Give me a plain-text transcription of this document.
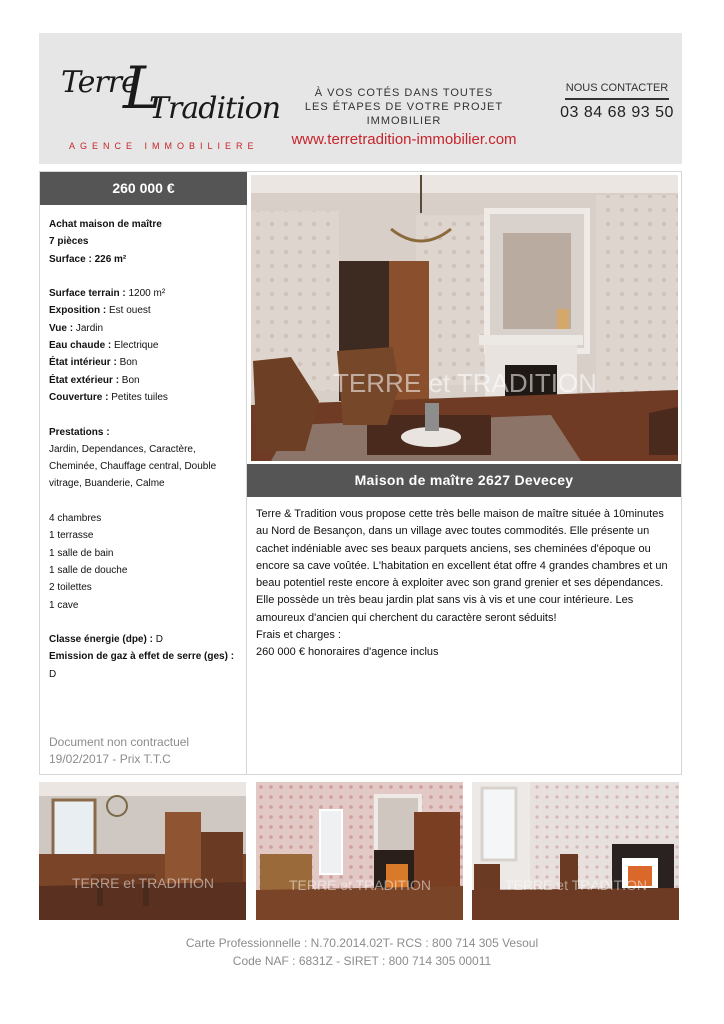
Terre
L
Tradition
AGENCE IMMOBILIERE
À VOS COTÉS DANS TOUTES
LES ÉTAPES DE VOTRE PROJET IMMOBILIER
www.terretradition-immobilier.com
NOUS CONTACTER
03 84 68 93 50
260 000 €
Achat maison de maître
7 pièces
Surface : 226 m²
Surface terrain : 1200 m²
Exposition : Est ouest
Vue : Jardin
Eau chaude : Electrique
État intérieur : Bon
État extérieur : Bon
Couverture : Petites tuiles
Prestations :
Jardin, Dependances, Caractère,
Cheminée, Chauffage central, Double
vitrage, Buanderie, Calme
4 chambres
1 terrasse
1 salle de bain
1 salle de douche
2 toilettes
1 cave
Classe énergie (dpe) : D
Emission de gaz à effet de serre (ges) : D
Document non contractuel
19/02/2017 - Prix T.T.C
TERRE et TRADITION
Maison de maître 2627 Devecey
Terre & Tradition vous propose cette très belle maison de maître située à 10minutes au Nord de Besançon, dans un village avec toutes commodités. Elle présente un cachet indéniable avec ses beaux parquets anciens, ses cheminées d'époque ou encore sa cave voûtée. L'habitation en excellent état offre 4 grandes chambres et un beau potentiel reste encore à exploiter avec son grand grenier et ses dépendances. Elle possède un très beau jardin plat sans vis à vis et une cour intérieure. Les amoureux d'ancien qui cherchent du caractère seront séduits!
Frais et charges :
260 000 € honoraires d'agence inclus
TERRE et TRADITION	TERRE et TRADITION	TERRE et TRADITION
Carte Professionnelle : N.70.2014.02T- RCS : 800 714 305 Vesoul
Code NAF : 6831Z - SIRET : 800 714 305 00011
